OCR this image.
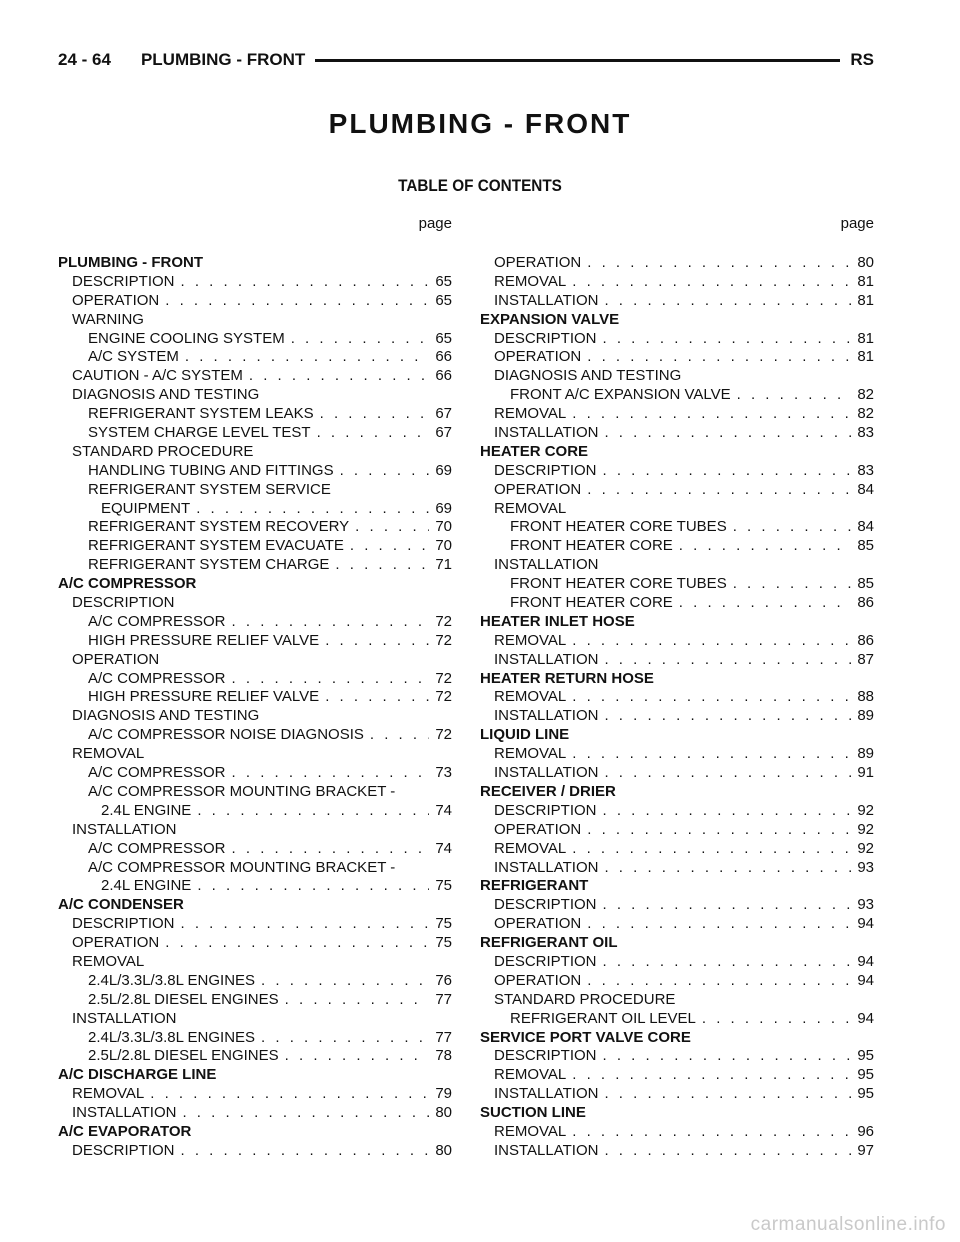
24 - 64 PLUMBING - FRONT	RS
PLUMBING - FRONT
TABLE OF CONTENTS
page
PLUMBING - FRONT
DESCRIPTION . . .	65
OPERATION . . .	65
WARNING
ENGINE COOLING SYSTEM . . .	65
A/C SYSTEM . . .	66
CAUTION - A/C SYSTEM . . .	66
DIAGNOSIS AND TESTING
REFRIGERANT SYSTEM LEAKS . . .	67
SYSTEM CHARGE LEVEL TEST . . .	67
STANDARD PROCEDURE
HANDLING TUBING AND FITTINGS . . .	69
REFRIGERANT SYSTEM SERVICE
EQUIPMENT . . .	69
REFRIGERANT SYSTEM RECOVERY . . .	70
REFRIGERANT SYSTEM EVACUATE . . .	70
REFRIGERANT SYSTEM CHARGE . . .	71
A/C COMPRESSOR
DESCRIPTION
A/C COMPRESSOR . . .	72
HIGH PRESSURE RELIEF VALVE . . .	72
OPERATION
A/C COMPRESSOR . . .	72
HIGH PRESSURE RELIEF VALVE . . .	72
DIAGNOSIS AND TESTING
A/C COMPRESSOR NOISE DIAGNOSIS . . .	72
REMOVAL
A/C COMPRESSOR . . .	73
A/C COMPRESSOR MOUNTING BRACKET -
2.4L ENGINE . . .	74
INSTALLATION
A/C COMPRESSOR . . .	74
A/C COMPRESSOR MOUNTING BRACKET -
2.4L ENGINE . . .	75
A/C CONDENSER
DESCRIPTION . . .	75
OPERATION . . .	75
REMOVAL
2.4L/3.3L/3.8L ENGINES . . .	76
2.5L/2.8L DIESEL ENGINES . . .	77
INSTALLATION
2.4L/3.3L/3.8L ENGINES . . .	77
2.5L/2.8L DIESEL ENGINES . . .	78
A/C DISCHARGE LINE
REMOVAL . . .	79
INSTALLATION . . .	80
A/C EVAPORATOR
DESCRIPTION . . .	80
page
OPERATION . . .	80
REMOVAL . . .	81
INSTALLATION . . .	81
EXPANSION VALVE
DESCRIPTION . . .	81
OPERATION . . .	81
DIAGNOSIS AND TESTING
FRONT A/C EXPANSION VALVE . . .	82
REMOVAL . . .	82
INSTALLATION . . .	83
HEATER CORE
DESCRIPTION . . .	83
OPERATION . . .	84
REMOVAL
FRONT HEATER CORE TUBES . . .	84
FRONT HEATER CORE . . .	85
INSTALLATION
FRONT HEATER CORE TUBES . . .	85
FRONT HEATER CORE . . .	86
HEATER INLET HOSE
REMOVAL . . .	86
INSTALLATION . . .	87
HEATER RETURN HOSE
REMOVAL . . .	88
INSTALLATION . . .	89
LIQUID LINE
REMOVAL . . .	89
INSTALLATION . . .	91
RECEIVER / DRIER
DESCRIPTION . . .	92
OPERATION . . .	92
REMOVAL . . .	92
INSTALLATION . . .	93
REFRIGERANT
DESCRIPTION . . .	93
OPERATION . . .	94
REFRIGERANT OIL
DESCRIPTION . . .	94
OPERATION . . .	94
STANDARD PROCEDURE
REFRIGERANT OIL LEVEL . . .	94
SERVICE PORT VALVE CORE
DESCRIPTION . . .	95
REMOVAL . . .	95
INSTALLATION . . .	95
SUCTION LINE
REMOVAL . . .	96
INSTALLATION . . .	97
carmanualsonline.info
